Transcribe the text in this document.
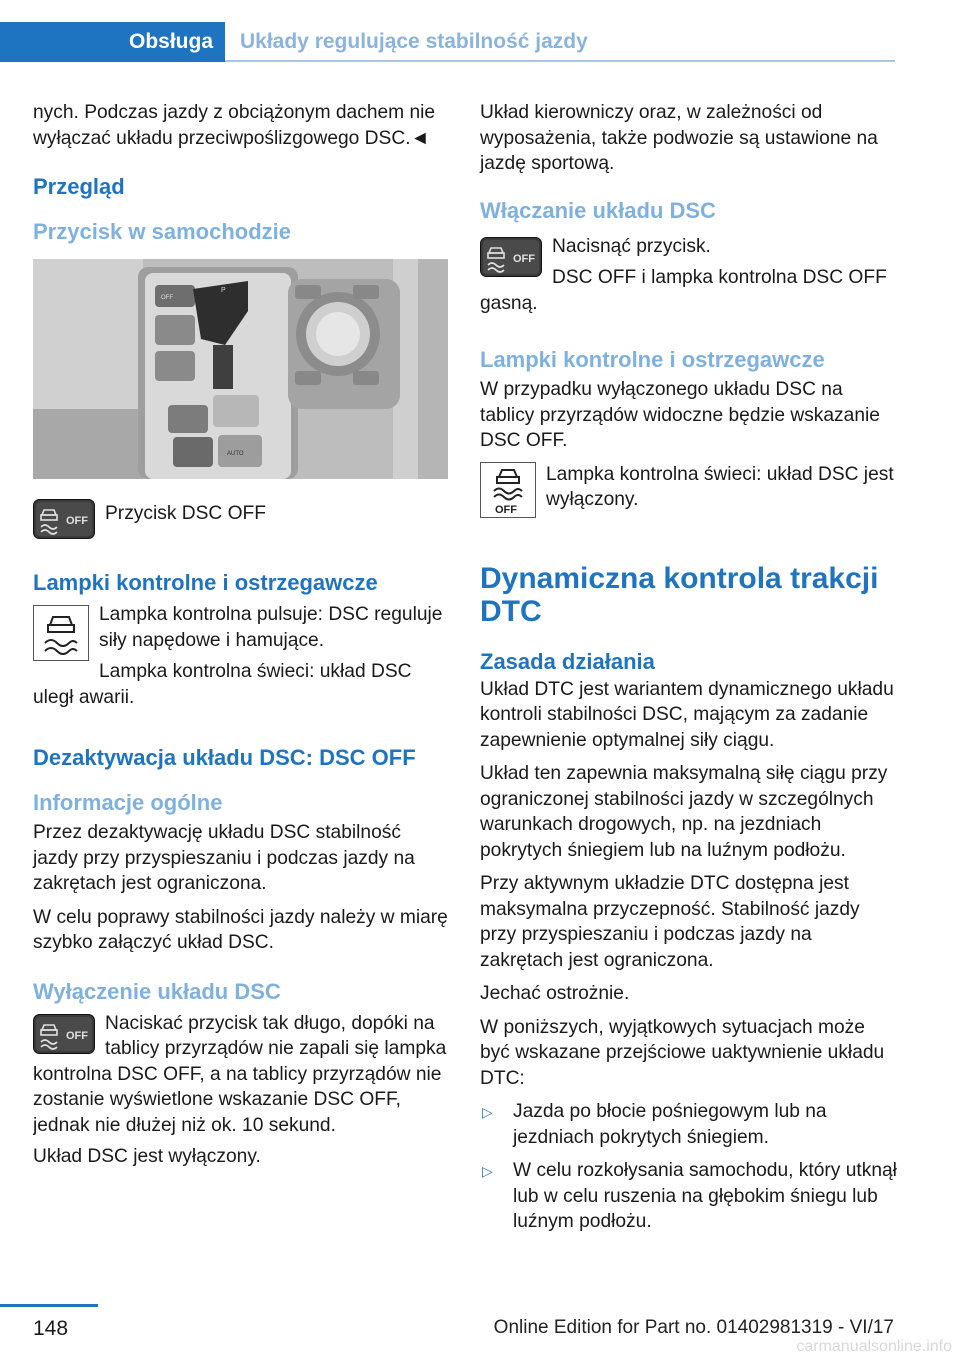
Obsługa	Układy regulujące stabilność jazdy

nych. Podczas jazdy z obciążonym dachem nie wyłączać układu przeciwpoślizgowego DSC.◄

Przegląd
Przycisk w samochodzie
P
OFF
AUTO
OFF Przycisk DSC OFF

Lampki kontrolne i ostrzegawcze

Lampka kontrolna pulsuje: DSC reguluje siły napędowe i hamujące.

Lampka kontrolna świeci: układ DSC uległ awarii.

Dezaktywacja układu DSC: DSC OFF
Informacje ogólne

Przez dezaktywację układu DSC stabilność jazdy przy przyspieszaniu i podczas jazdy na zakrętach jest ograniczona.

W celu poprawy stabilności jazdy należy w miarę szybko załączyć układ DSC.

Wyłączenie układu DSC
OFF

Naciskać przycisk tak długo, dopóki na tablicy przyrządów nie zapali się lampka kontrolna DSC OFF, a na tablicy przyrządów nie zostanie wyświetlone wskazanie DSC OFF, jednak nie dłużej niż ok. 10 sekund.

Układ DSC jest wyłączony.

Układ kierowniczy oraz, w zależności od wyposażenia, także podwozie są ustawione na jazdę sportową.

Włączanie układu DSC
OFF

Nacisnąć przycisk.

DSC OFF i lampka kontrolna DSC OFF gasną.

Lampki kontrolne i ostrzegawcze

W przypadku wyłączonego układu DSC na tablicy przyrządów widoczne będzie wskazanie DSC OFF.

OFF

Lampka kontrolna świeci: układ DSC jest wyłączony.

Dynamiczna kontrola trakcji DTC
Zasada działania

Układ DTC jest wariantem dynamicznego układu kontroli stabilności DSC, mającym za zadanie zapewnienie optymalnej siły ciągu.

Układ ten zapewnia maksymalną siłę ciągu przy ograniczonej stabilności jazdy w szczególnych warunkach drogowych, np. na jezdniach pokrytych śniegiem lub na luźnym podłożu.

Przy aktywnym układzie DTC dostępna jest maksymalna przyczepność. Stabilność jazdy przy przyspieszaniu i podczas jazdy na zakrętach jest ograniczona.

Jechać ostrożnie.

W poniższych, wyjątkowych sytuacjach może być wskazane przejściowe uaktywnienie układu DTC:

▷ Jazda po błocie pośniegowym lub na jezdniach pokrytych śniegiem.
▷ W celu rozkołysania samochodu, który utknął lub w celu ruszenia na głębokim śniegu lub luźnym podłożu.
148	Online Edition for Part no. 01402981319 - VI/17
carmanualsonline.info
